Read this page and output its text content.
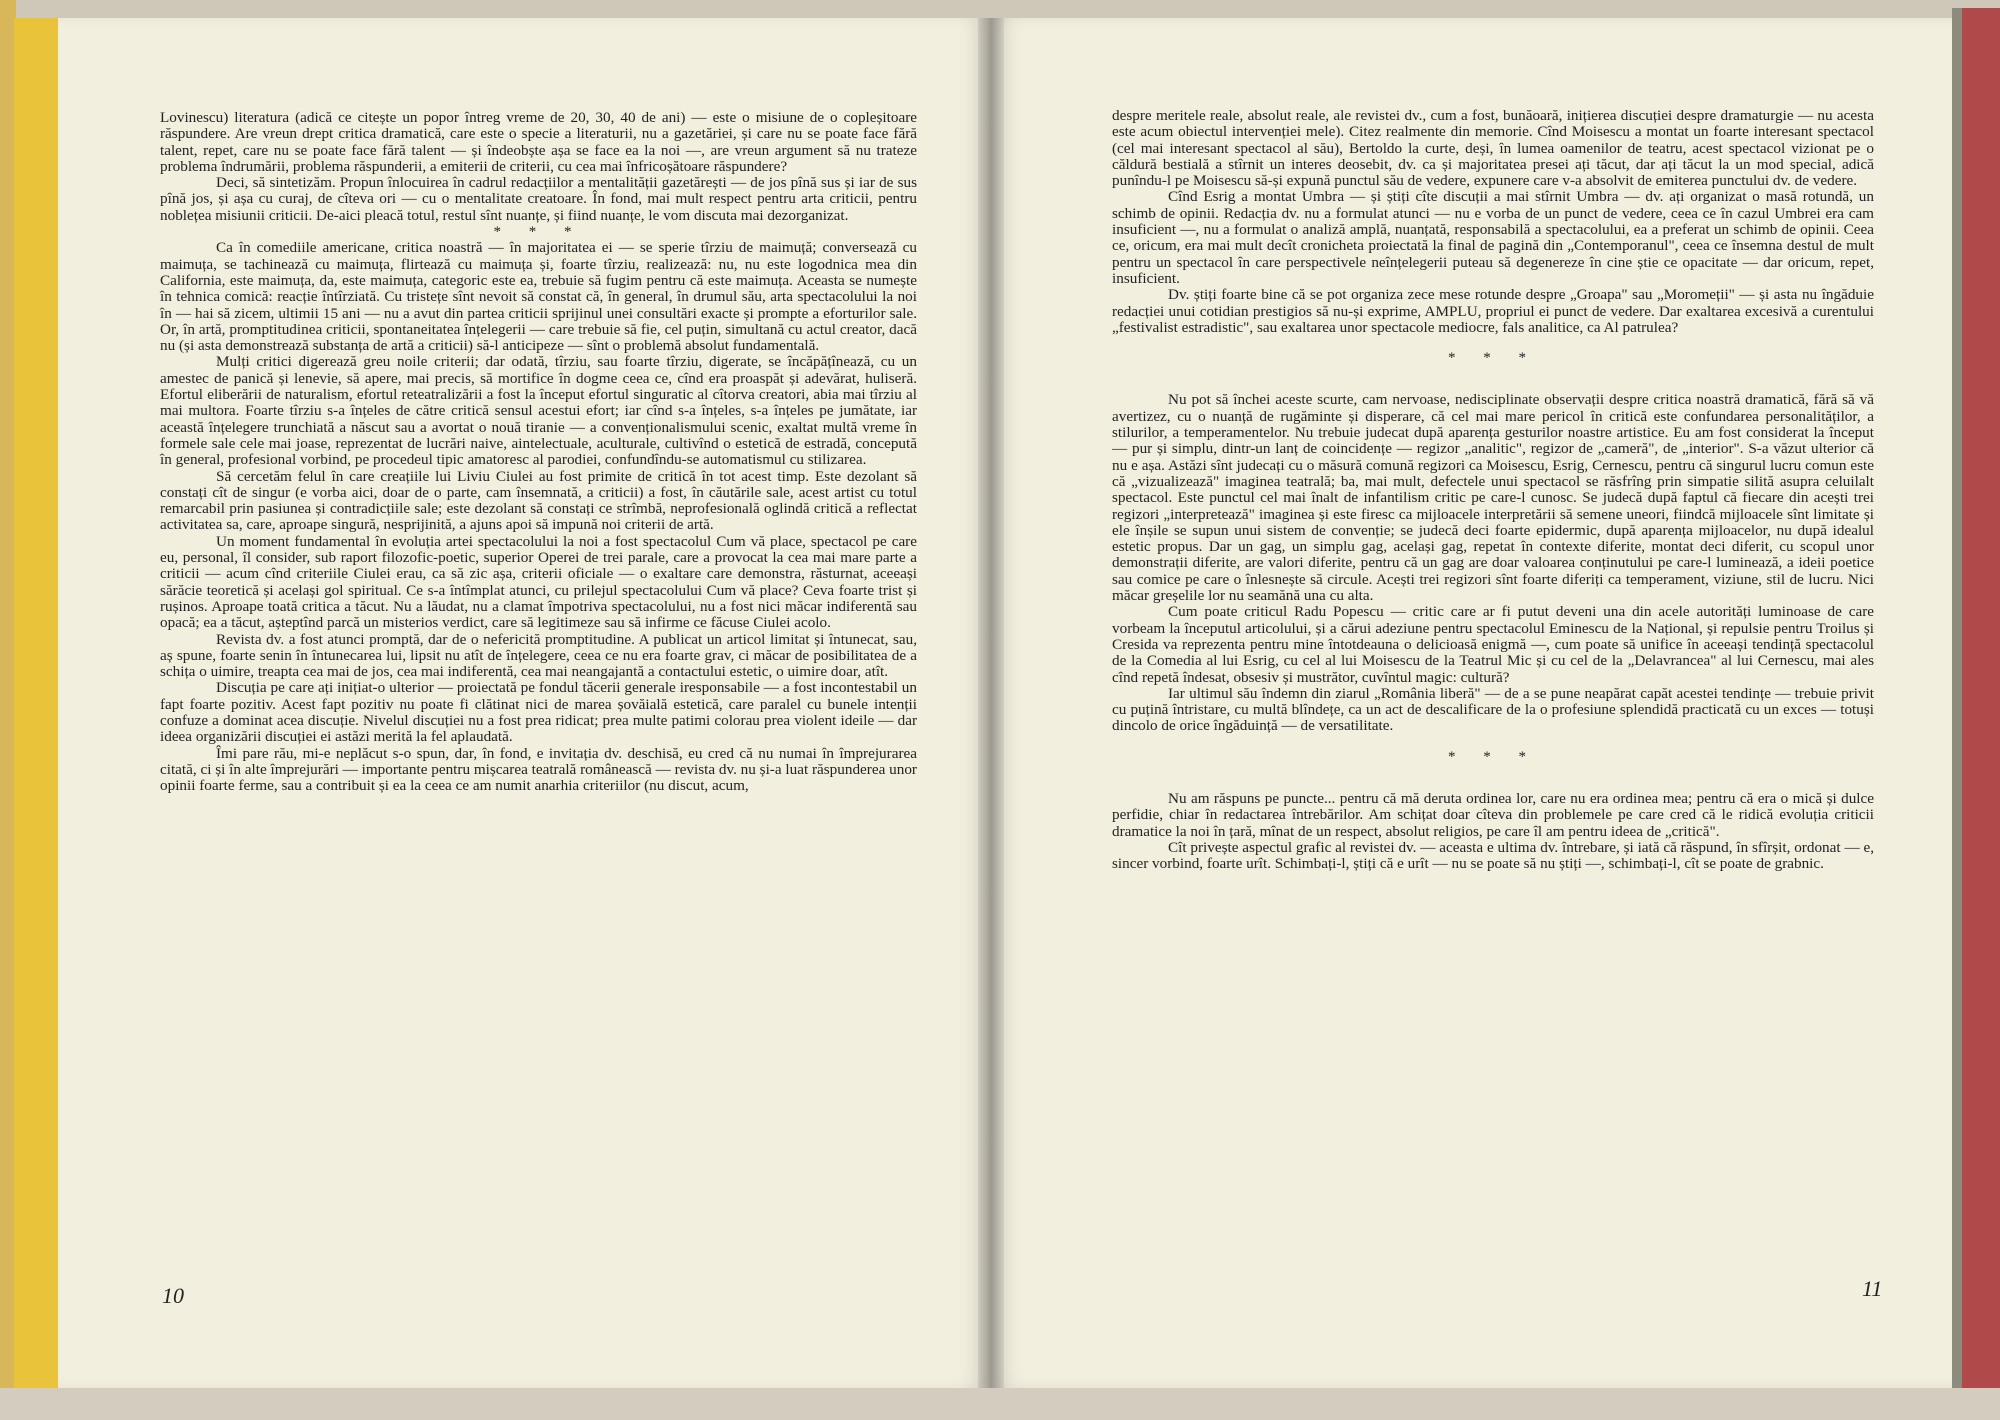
Lovinescu) literatura (adică ce citește un popor întreg vreme de 20, 30, 40 de ani) — este o misiune de o copleșitoare răspundere. Are vreun drept critica dramatică, care este o specie a literaturii, nu a gazetăriei, și care nu se poate face fără talent, repet, care nu se poate face fără talent — și îndeobște așa se face ea la noi —, are vreun argument să nu trateze problema îndrumării, problema răspunderii, a emiterii de criterii, cu cea mai înfricoșătoare răspundere?

Deci, să sintetizăm. Propun înlocuirea în cadrul redacțiilor a mentalității gazetărești — de jos pînă sus și iar de sus pînă jos, și așa cu curaj, de cîteva ori — cu o mentalitate creatoare. În fond, mai mult respect pentru arta criticii, pentru noblețea misiunii criticii. De-aici pleacă totul, restul sînt nuanțe, și fiind nuanțe, le vom discuta mai dezorganizat.

* * *

Ca în comediile americane, critica noastră — în majoritatea ei — se sperie tîrziu de maimuță; conversează cu maimuța, se tachinează cu maimuța, flirtează cu maimuța și, foarte tîrziu, realizează: nu, nu este logodnica mea din California, este maimuța, da, este maimuța, categoric este ea, trebuie să fugim pentru că este maimuța. Aceasta se numește în tehnica comică: reacție întîrziată. Cu tristețe sînt nevoit să constat că, în general, în drumul său, arta spectacolului la noi în — hai să zicem, ultimii 15 ani — nu a avut din partea criticii sprijinul unei consultări exacte și prompte a eforturilor sale. Or, în artă, promptitudinea criticii, spontaneitatea înțelegerii — care trebuie să fie, cel puțin, simultană cu actul creator, dacă nu (și asta demonstrează substanța de artă a criticii) să-l anticipeze — sînt o problemă absolut fundamentală.

Mulți critici digerează greu noile criterii; dar odată, tîrziu, sau foarte tîrziu, digerate, se încăpățînează, cu un amestec de panică și lenevie, să apere, mai precis, să mortifice în dogme ceea ce, cînd era proaspăt și adevărat, huliseră. Efortul eliberării de naturalism, efortul reteatralizării a fost la început efortul singuratic al cîtorva creatori, abia mai tîrziu al mai multora. Foarte tîrziu s-a înțeles de către critică sensul acestui efort; iar cînd s-a înțeles, s-a înțeles pe jumătate, iar această înțelegere trunchiată a născut sau a avortat o nouă tiranie — a convenționalismului scenic, exaltat multă vreme în formele sale cele mai joase, reprezentat de lucrări naive, aintelectuale, aculturale, cultivînd o estetică de estradă, concepută în general, profesional vorbind, pe procedeul tipic amatoresc al parodiei, confundîndu-se automatismul cu stilizarea.

Să cercetăm felul în care creațiile lui Liviu Ciulei au fost primite de critică în tot acest timp. Este dezolant să constați cît de singur (e vorba aici, doar de o parte, cam însemnată, a criticii) a fost, în căutările sale, acest artist cu totul remarcabil prin pasiunea și contradicțiile sale; este dezolant să constați ce strîmbă, neprofesională oglindă critică a reflectat activitatea sa, care, aproape singură, nesprijinită, a ajuns apoi să impună noi criterii de artă.

Un moment fundamental în evoluția artei spectacolului la noi a fost spectacolul Cum vă place, spectacol pe care eu, personal, îl consider, sub raport filozofic-poetic, superior Operei de trei parale, care a provocat la cea mai mare parte a criticii — acum cînd criteriile Ciulei erau, ca să zic așa, criterii oficiale — o exaltare care demonstra, răsturnat, aceeași sărăcie teoretică și același gol spiritual. Ce s-a întîmplat atunci, cu prilejul spectacolului Cum vă place? Ceva foarte trist și rușinos. Aproape toată critica a tăcut. Nu a lăudat, nu a clamat împotriva spectacolului, nu a fost nici măcar indiferentă sau opacă; ea a tăcut, așteptînd parcă un misterios verdict, care să legitimeze sau să infirme ce făcuse Ciulei acolo.

Revista dv. a fost atunci promptă, dar de o nefericită promptitudine. A publicat un articol limitat și întunecat, sau, aș spune, foarte senin în întunecarea lui, lipsit nu atît de înțelegere, ceea ce nu era foarte grav, ci măcar de posibilitatea de a schița o uimire, treapta cea mai de jos, cea mai indiferentă, cea mai neangajantă a contactului estetic, o uimire doar, atît.

Discuția pe care ați inițiat-o ulterior — proiectată pe fondul tăcerii generale iresponsabile — a fost incontestabil un fapt foarte pozitiv. Acest fapt pozitiv nu poate fi clătinat nici de marea șovăială estetică, care paralel cu bunele intenții confuze a dominat acea discuție. Nivelul discuției nu a fost prea ridicat; prea multe patimi colorau prea violent ideile — dar ideea organizării discuției ei astăzi merită la fel aplaudată.

Îmi pare rău, mi-e neplăcut s-o spun, dar, în fond, e invitația dv. deschisă, eu cred că nu numai în împrejurarea citată, ci și în alte împrejurări — importante pentru mișcarea teatrală românească — revista dv. nu și-a luat răspunderea unor opinii foarte ferme, sau a contribuit și ea la ceea ce am numit anarhia criteriilor (nu discut, acum,

10

despre meritele reale, absolut reale, ale revistei dv., cum a fost, bunăoară, inițierea discuției despre dramaturgie — nu acesta este acum obiectul intervenției mele). Citez realmente din memorie. Cînd Moisescu a montat un foarte interesant spectacol (cel mai interesant spectacol al său), Bertoldo la curte, deși, în lumea oamenilor de teatru, acest spectacol vizionat pe o căldură bestială a stîrnit un interes deosebit, dv. ca și majoritatea presei ați tăcut, dar ați tăcut la un mod special, adică punîndu-l pe Moisescu să-și expună punctul său de vedere, expunere care v-a absolvit de emiterea punctului dv. de vedere.

Cînd Esrig a montat Umbra — și știți cîte discuții a mai stîrnit Umbra — dv. ați organizat o masă rotundă, un schimb de opinii. Redacția dv. nu a formulat atunci — nu e vorba de un punct de vedere, ceea ce în cazul Umbrei era cam insuficient —, nu a formulat o analiză amplă, nuanțată, responsabilă a spectacolului, ea a preferat un schimb de opinii. Ceea ce, oricum, era mai mult decît cronicheta proiectată la final de pagină din „Contemporanul", ceea ce însemna destul de mult pentru un spectacol în care perspectivele neînțelegerii puteau să degenereze în cine știe ce opacitate — dar oricum, repet, insuficient.

Dv. știți foarte bine că se pot organiza zece mese rotunde despre „Groapa" sau „Moromeții" — și asta nu îngăduie redacției unui cotidian prestigios să nu-și exprime, AMPLU, propriul ei punct de vedere. Dar exaltarea excesivă a curentului „festivalist estradistic", sau exaltarea unor spectacole mediocre, fals analitice, ca Al patrulea?

* * *

Nu pot să închei aceste scurte, cam nervoase, nedisciplinate observații despre critica noastră dramatică, fără să vă avertizez, cu o nuanță de rugăminte și disperare, că cel mai mare pericol în critică este confundarea personalităților, a stilurilor, a temperamentelor. Nu trebuie judecat după aparența gesturilor noastre artistice. Eu am fost considerat la început — pur și simplu, dintr-un lanț de coincidențe — regizor „analitic", regizor de „cameră", de „interior". S-a văzut ulterior că nu e așa. Astăzi sînt judecați cu o măsură comună regizori ca Moisescu, Esrig, Cernescu, pentru că singurul lucru comun este că „vizualizează" imaginea teatrală; ba, mai mult, defectele unui spectacol se răsfrîng prin simpatie silită asupra celuilalt spectacol. Este punctul cel mai înalt de infantilism critic pe care-l cunosc. Se judecă după faptul că fiecare din acești trei regizori „interpretează" imaginea și este firesc ca mijloacele interpretării să semene uneori, fiindcă mijloacele sînt limitate și ele înșile se supun unui sistem de convenție; se judecă deci foarte epidermic, după aparența mijloacelor, nu după idealul estetic propus. Dar un gag, un simplu gag, același gag, repetat în contexte diferite, montat deci diferit, cu scopul unor demonstrații diferite, are valori diferite, pentru că un gag are doar valoarea conținutului pe care-l luminează, a ideii poetice sau comice pe care o înlesnește să circule. Acești trei regizori sînt foarte diferiți ca temperament, viziune, stil de lucru. Nici măcar greșelile lor nu seamănă una cu alta.

Cum poate criticul Radu Popescu — critic care ar fi putut deveni una din acele autorități luminoase de care vorbeam la începutul articolului, și a cărui adeziune pentru spectacolul Eminescu de la Național, și repulsie pentru Troilus și Cresida va reprezenta pentru mine întotdeauna o delicioasă enigmă —, cum poate să unifice în aceeași tendință spectacolul de la Comedia al lui Esrig, cu cel al lui Moisescu de la Teatrul Mic și cu cel de la „Delavrancea" al lui Cernescu, mai ales cînd repetă îndesat, obsesiv și mustrător, cuvîntul magic: cultură?

Iar ultimul său îndemn din ziarul „România liberă" — de a se pune neapărat capăt acestei tendințe — trebuie privit cu puțină întristare, cu multă blîndețe, ca un act de descalificare de la o profesiune splendidă practicată cu un exces — totuși dincolo de orice îngăduință — de versatilitate.

* * *

Nu am răspuns pe puncte... pentru că mă deruta ordinea lor, care nu era ordinea mea; pentru că era o mică și dulce perfidie, chiar în redactarea întrebărilor. Am schițat doar cîteva din problemele pe care cred că le ridică evoluția criticii dramatice la noi în țară, mînat de un respect, absolut religios, pe care îl am pentru ideea de „critică".

Cît privește aspectul grafic al revistei dv. — aceasta e ultima dv. întrebare, și iată că răspund, în sfîrșit, ordonat — e, sincer vorbind, foarte urît. Schimbați-l, știți că e urît — nu se poate să nu știți —, schimbați-l, cît se poate de grabnic.

11
